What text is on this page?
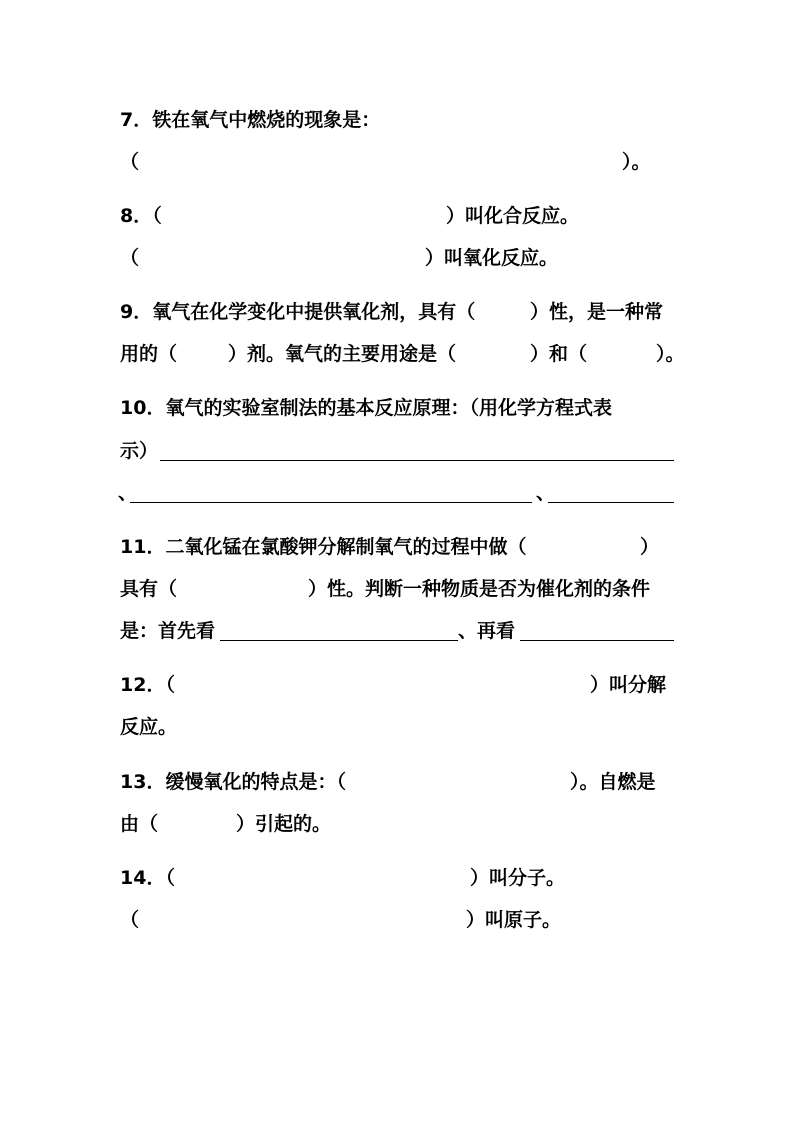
7．铁在氧气中燃烧的现象是：
（	）。
8．（	）叫化合反应。
（	）叫氧化反应。
9．氧气在化学变化中提供氧化剂，具有（	）性，是一种常
用的（	）剂。氧气的主要用途是（	）和（	）。
10．氧气的实验室制法的基本反应原理：（用化学方程式表
示）
、	、
11．二氧化锰在氯酸钾分解制氧气的过程中做（	）
具有（	）性。判断一种物质是否为催化剂的条件
是：首先看	、再看
12．（	）叫分解
反应。
13．缓慢氧化的特点是：（	）。自燃是
由（	）引起的。
14．（	）叫分子。
（	）叫原子。
